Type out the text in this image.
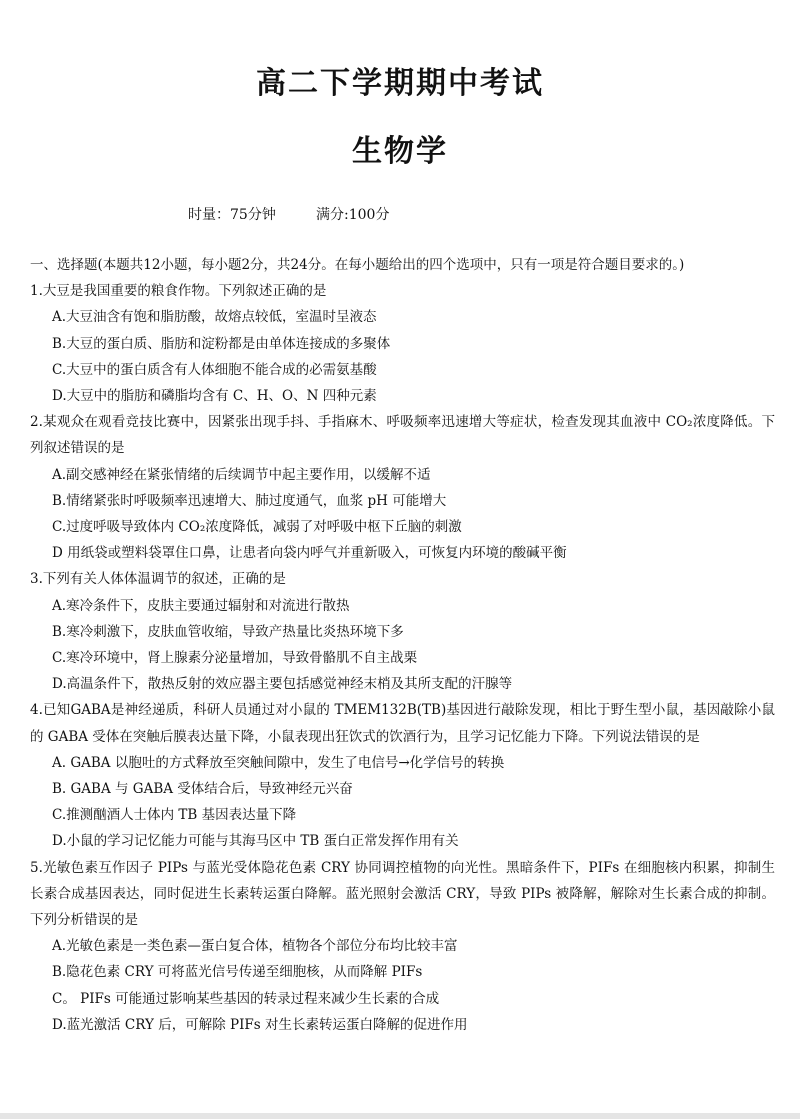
高二下学期期中考试
生物学
时量：75分钟	满分:100分
一、选择题(本题共12小题，每小题2分，共24分。在每小题给出的四个选项中，只有一项是符合题目要求的。)
1.大豆是我国重要的粮食作物。下列叙述正确的是
A.大豆油含有饱和脂肪酸，故熔点较低，室温时呈液态
B.大豆的蛋白质、脂肪和淀粉都是由单体连接成的多聚体
C.大豆中的蛋白质含有人体细胞不能合成的必需氨基酸
D.大豆中的脂肪和磷脂均含有 C、H、O、N 四种元素
2.某观众在观看竞技比赛中，因紧张出现手抖、手指麻木、呼吸频率迅速增大等症状，检查发现其血液中 CO₂浓度降低。下列叙述错误的是
A.副交感神经在紧张情绪的后续调节中起主要作用，以缓解不适
B.情绪紧张时呼吸频率迅速增大、肺过度通气，血浆 pH 可能增大
C.过度呼吸导致体内 CO₂浓度降低，减弱了对呼吸中枢下丘脑的刺激
D 用纸袋或塑料袋罩住口鼻，让患者向袋内呼气并重新吸入，可恢复内环境的酸碱平衡
3.下列有关人体体温调节的叙述，正确的是
A.寒冷条件下，皮肤主要通过辐射和对流进行散热
B.寒冷刺激下，皮肤血管收缩，导致产热量比炎热环境下多
C.寒冷环境中，肾上腺素分泌量增加，导致骨骼肌不自主战栗
D.高温条件下，散热反射的效应器主要包括感觉神经末梢及其所支配的汗腺等
4.已知GABA是神经递质，科研人员通过对小鼠的 TMEM132B(TB)基因进行敲除发现，相比于野生型小鼠，基因敲除小鼠的 GABA 受体在突触后膜表达量下降，小鼠表现出狂饮式的饮酒行为，且学习记忆能力下降。下列说法错误的是
A. GABA 以胞吐的方式释放至突触间隙中，发生了电信号→化学信号的转换
B. GABA 与 GABA 受体结合后，导致神经元兴奋
C.推测酗酒人士体内 TB 基因表达量下降
D.小鼠的学习记忆能力可能与其海马区中 TB 蛋白正常发挥作用有关
5.光敏色素互作因子 PIPs 与蓝光受体隐花色素 CRY 协同调控植物的向光性。黑暗条件下，PIFs 在细胞核内积累，抑制生长素合成基因表达，同时促进生长素转运蛋白降解。蓝光照射会激活 CRY，导致 PIPs 被降解，解除对生长素合成的抑制。下列分析错误的是
A.光敏色素是一类色素—蛋白复合体，植物各个部位分布均比较丰富
B.隐花色素 CRY 可将蓝光信号传递至细胞核，从而降解 PIFs
C。 PIFs 可能通过影响某些基因的转录过程来减少生长素的合成
D.蓝光激活 CRY 后，可解除 PIFs 对生长素转运蛋白降解的促进作用
